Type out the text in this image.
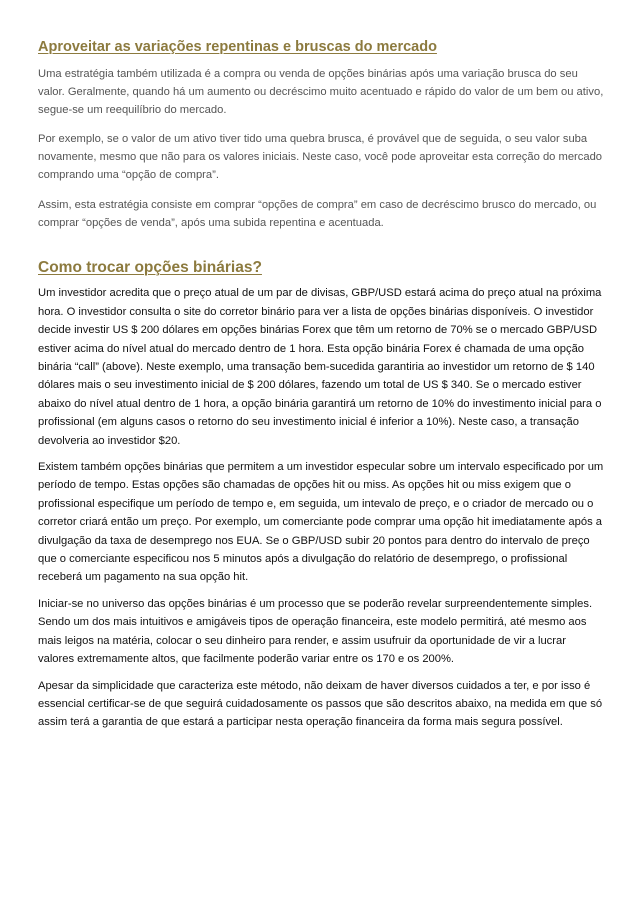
Aproveitar as variações repentinas e bruscas do mercado

Uma estratégia também utilizada é a compra ou venda de opções binárias após uma variação brusca do seu valor. Geralmente, quando há um aumento ou decréscimo muito acentuado e rápido do valor de um bem ou ativo, segue-se um reequilíbrio do mercado.

Por exemplo, se o valor de um ativo tiver tido uma quebra brusca, é provável que de seguida, o seu valor suba novamente, mesmo que não para os valores iniciais. Neste caso, você pode aproveitar esta correção do mercado comprando uma “opção de compra”.

Assim, esta estratégia consiste em comprar “opções de compra” em caso de decréscimo brusco do mercado, ou comprar “opções de venda”, após uma subida repentina e acentuada.

Como trocar opções binárias?

Um investidor acredita que o preço atual de um par de divisas, GBP/USD estará acima do preço atual na próxima hora. O investidor consulta o site do corretor binário para ver a lista de opções binárias disponíveis. O investidor decide investir US $ 200 dólares em opções binárias Forex que têm um retorno de 70% se o mercado GBP/USD estiver acima do nível atual do mercado dentro de 1 hora. Esta opção binária Forex é chamada de uma opção binária “call” (above). Neste exemplo, uma transação bem-sucedida garantiria ao investidor um retorno de $ 140 dólares mais o seu investimento inicial de $ 200 dólares, fazendo um total de US $ 340. Se o mercado estiver abaixo do nível atual dentro de 1 hora, a opção binária garantirá um retorno de 10% do investimento inicial para o profissional (em alguns casos o retorno do seu investimento inicial é inferior a 10%). Neste caso, a transação devolveria ao investidor $20.

Existem também opções binárias que permitem a um investidor especular sobre um intervalo especificado por um período de tempo. Estas opções são chamadas de opções hit ou miss. As opções hit ou miss exigem que o profissional especifique um período de tempo e, em seguida, um intevalo de preço, e o criador de mercado ou o corretor criará então um preço. Por exemplo, um comerciante pode comprar uma opção hit imediatamente após a divulgação da taxa de desemprego nos EUA. Se o GBP/USD subir 20 pontos para dentro do intervalo de preço que o comerciante especificou nos 5 minutos após a divulgação do relatório de desemprego, o profissional receberá um pagamento na sua opção hit.

Iniciar-se no universo das opções binárias é um processo que se poderão revelar surpreendentemente simples. Sendo um dos mais intuitivos e amigáveis tipos de operação financeira, este modelo permitirá, até mesmo aos mais leigos na matéria, colocar o seu dinheiro para render, e assim usufruir da oportunidade de vir a lucrar valores extremamente altos, que facilmente poderão variar entre os 170 e os 200%.

Apesar da simplicidade que caracteriza este método, não deixam de haver diversos cuidados a ter, e por isso é essencial certificar-se de que seguirá cuidadosamente os passos que são descritos abaixo, na medida em que só assim terá a garantia de que estará a participar nesta operação financeira da forma mais segura possível.
